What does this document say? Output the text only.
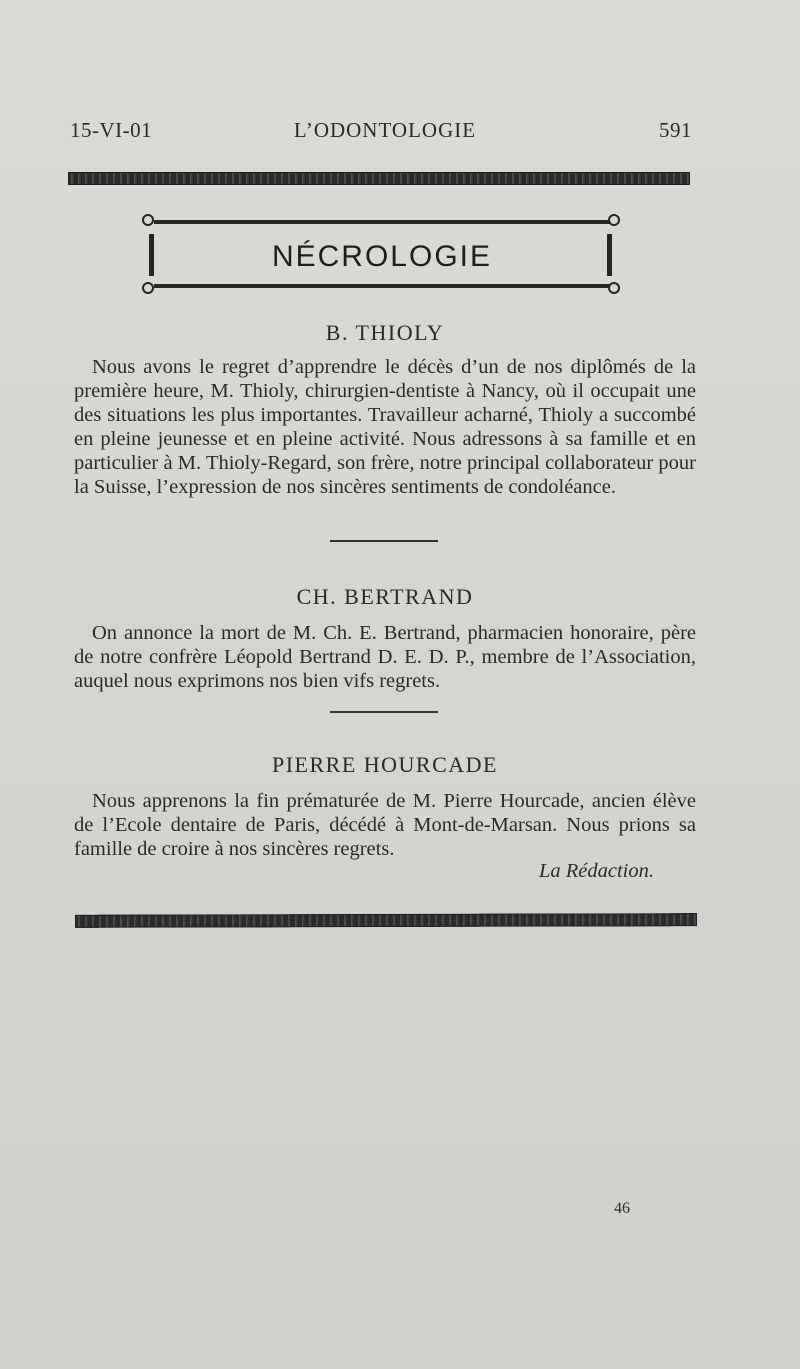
15-VI-01	L’ODONTOLOGIE	591
NÉCROLOGIE
B. THIOLY
Nous avons le regret d’apprendre le décès d’un de nos diplômés de la première heure, M. Thioly, chirurgien-dentiste à Nancy, où il occupait une des situations les plus importantes. Travailleur acharné, Thioly a succombé en pleine jeunesse et en pleine activité. Nous adressons à sa famille et en particulier à M. Thioly-Regard, son frère, notre principal collaborateur pour la Suisse, l’expression de nos sincères sentiments de condoléance.
CH. BERTRAND
On annonce la mort de M. Ch. E. Bertrand, pharmacien honoraire, père de notre confrère Léopold Bertrand D. E. D. P., membre de l’Association, auquel nous exprimons nos bien vifs regrets.
PIERRE HOURCADE
Nous apprenons la fin prématurée de M. Pierre Hourcade, ancien élève de l’Ecole dentaire de Paris, décédé à Mont-de-Marsan. Nous prions sa famille de croire à nos sincères regrets.
La Rédaction.
46
